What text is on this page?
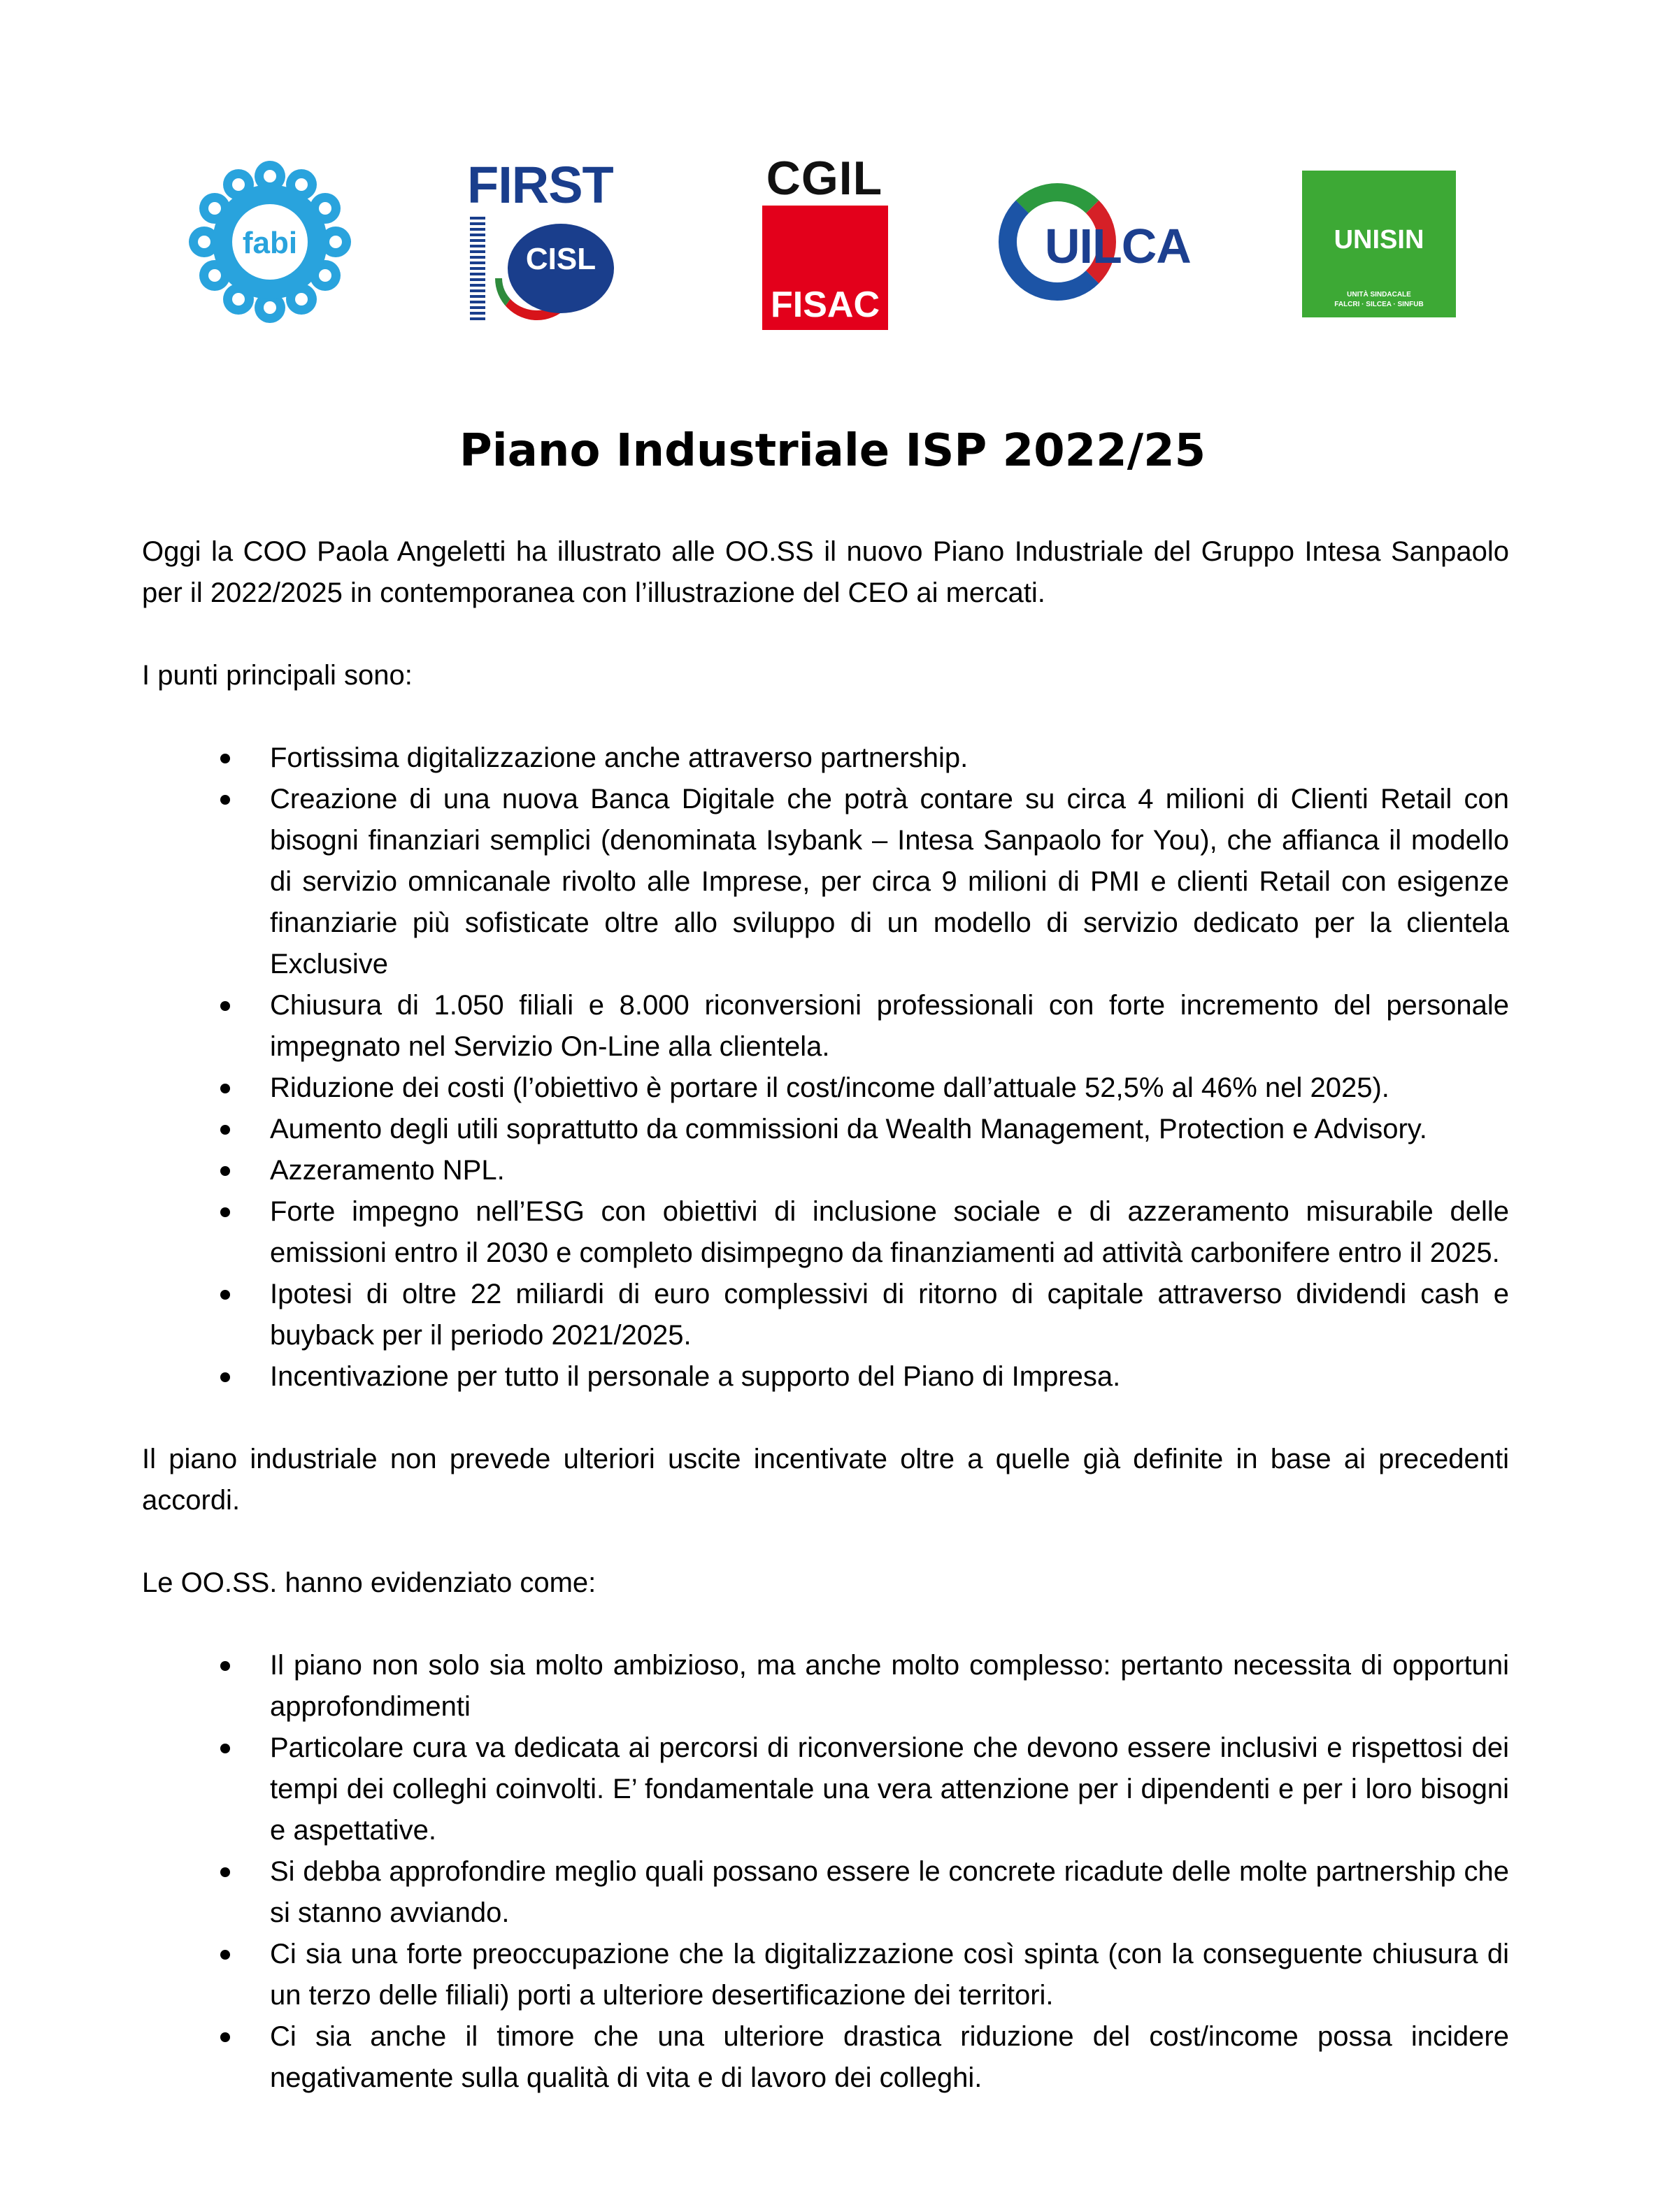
fabi
FIRST
CISL
CGIL
FISAC
UILCA	UNISIN
UNITÀ SINDACALE
FALCRI · SILCEA · SINFUB
Piano Industriale ISP 2022/25

Oggi la COO Paola Angeletti ha illustrato alle OO.SS il nuovo Piano Industriale del Gruppo Intesa Sanpaolo per il 2022/2025 in contemporanea con l’illustrazione del CEO ai mercati.

I punti principali sono:

Fortissima digitalizzazione anche attraverso partnership.
Creazione di una nuova Banca Digitale che potrà contare su circa 4 milioni di Clienti Retail con bisogni finanziari semplici (denominata Isybank – Intesa Sanpaolo for You), che affianca il modello di servizio omnicanale rivolto alle Imprese, per circa 9 milioni di PMI e clienti Retail con esigenze finanziarie più sofisticate oltre allo sviluppo di un modello di servizio dedicato per la clientela Exclusive
Chiusura di 1.050 filiali e 8.000 riconversioni professionali con forte incremento del personale impegnato nel Servizio On-Line alla clientela.
Riduzione dei costi (l’obiettivo è portare il cost/income dall’attuale 52,5% al 46% nel 2025).
Aumento degli utili soprattutto da commissioni da Wealth Management, Protection e Advisory.
Azzeramento NPL.
Forte impegno nell’ESG con obiettivi di inclusione sociale e di azzeramento misurabile delle emissioni entro il 2030 e completo disimpegno da finanziamenti ad attività carbonifere entro il 2025.
Ipotesi di oltre 22 miliardi di euro complessivi di ritorno di capitale attraverso dividendi cash e buyback per il periodo 2021/2025.
Incentivazione per tutto il personale a supporto del Piano di Impresa.

Il piano industriale non prevede ulteriori uscite incentivate oltre a quelle già definite in base ai precedenti accordi.

Le OO.SS. hanno evidenziato come:

Il piano non solo sia molto ambizioso, ma anche molto complesso: pertanto necessita di opportuni approfondimenti
Particolare cura va dedicata ai percorsi di riconversione che devono essere inclusivi e rispettosi dei tempi dei colleghi coinvolti. E’ fondamentale una vera attenzione per i dipendenti e per i loro bisogni e aspettative.
Si debba approfondire meglio quali possano essere le concrete ricadute delle molte partnership che si stanno avviando.
Ci sia una forte preoccupazione che la digitalizzazione così spinta (con la conseguente chiusura di un terzo delle filiali) porti a ulteriore desertificazione dei territori.
Ci sia anche il timore che una ulteriore drastica riduzione del cost/income possa incidere negativamente sulla qualità di vita e di lavoro dei colleghi.
